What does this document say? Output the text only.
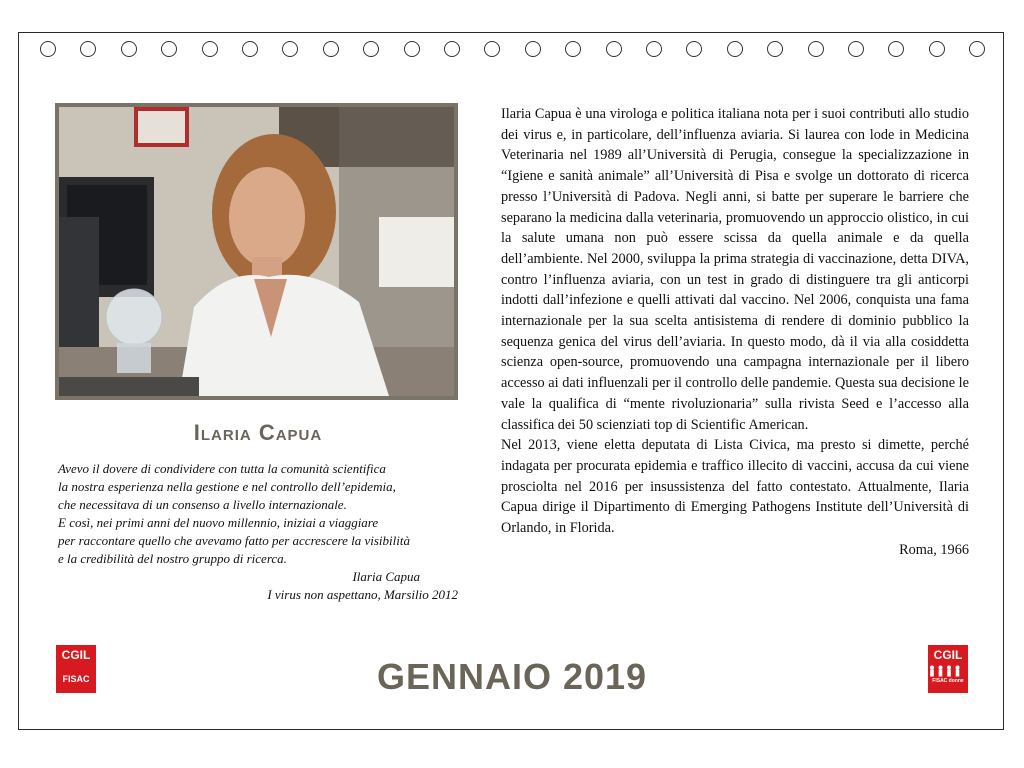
Ilaria Capua

Avevo il dovere di condividere con tutta la comunità scientifica

la nostra esperienza nella gestione e nel controllo dell’epidemia,

che necessitava di un consenso a livello internazionale.

E così, nei primi anni del nuovo millennio, iniziai a viaggiare

per raccontare quello che avevamo fatto per accrescere la visibilità

e la credibilità del nostro gruppo di ricerca.

Ilaria Capua

I virus non aspettano, Marsilio 2012

Ilaria Capua è una virologa e politica italiana nota per i suoi contributi allo studio dei virus e, in particolare, dell’influenza aviaria. Si laurea con lode in Medicina Veterinaria nel 1989 all’Università di Perugia, consegue la specializzazione in “Igiene e sanità animale” all’Università di Pisa e svolge un dottorato di ricerca presso l’Università di Padova. Negli anni, si batte per superare le barriere che separano la medicina dalla veterinaria, promuovendo un approccio olistico, in cui la salute umana non può essere scissa da quella animale e da quella dell’ambiente. Nel 2000, sviluppa la prima strategia di vaccinazione, detta DIVA, contro l’influenza aviaria, con un test in grado di distinguere tra gli anticorpi indotti dall’infezione e quelli attivati dal vaccino. Nel 2006, conquista una fama internazionale per la sua scelta antisistema di rendere di dominio pubblico la sequenza genica del virus dell’aviaria. In questo modo, dà il via alla cosiddetta scienza open-source, promuovendo una campagna internazionale per il libero accesso ai dati influenzali per il controllo delle pandemie. Questa sua decisione le vale la qualifica di “mente rivoluzionaria” sulla rivista Seed e l’accesso alla classifica dei 50 scienziati top di Scientific American.

Nel 2013, viene eletta deputata di Lista Civica, ma presto si dimette, perché indagata per procurata epidemia e traffico illecito di vaccini, accusa da cui viene prosciolta nel 2016 per insussistenza del fatto contestato. Attualmente, Ilaria Capua dirige il Dipartimento di Emerging Pathogens Institute dell’Università di Orlando, in Florida.

Roma, 1966

CGIL
FISAC	GENNAIO 2019
CGIL
FISAC donne
